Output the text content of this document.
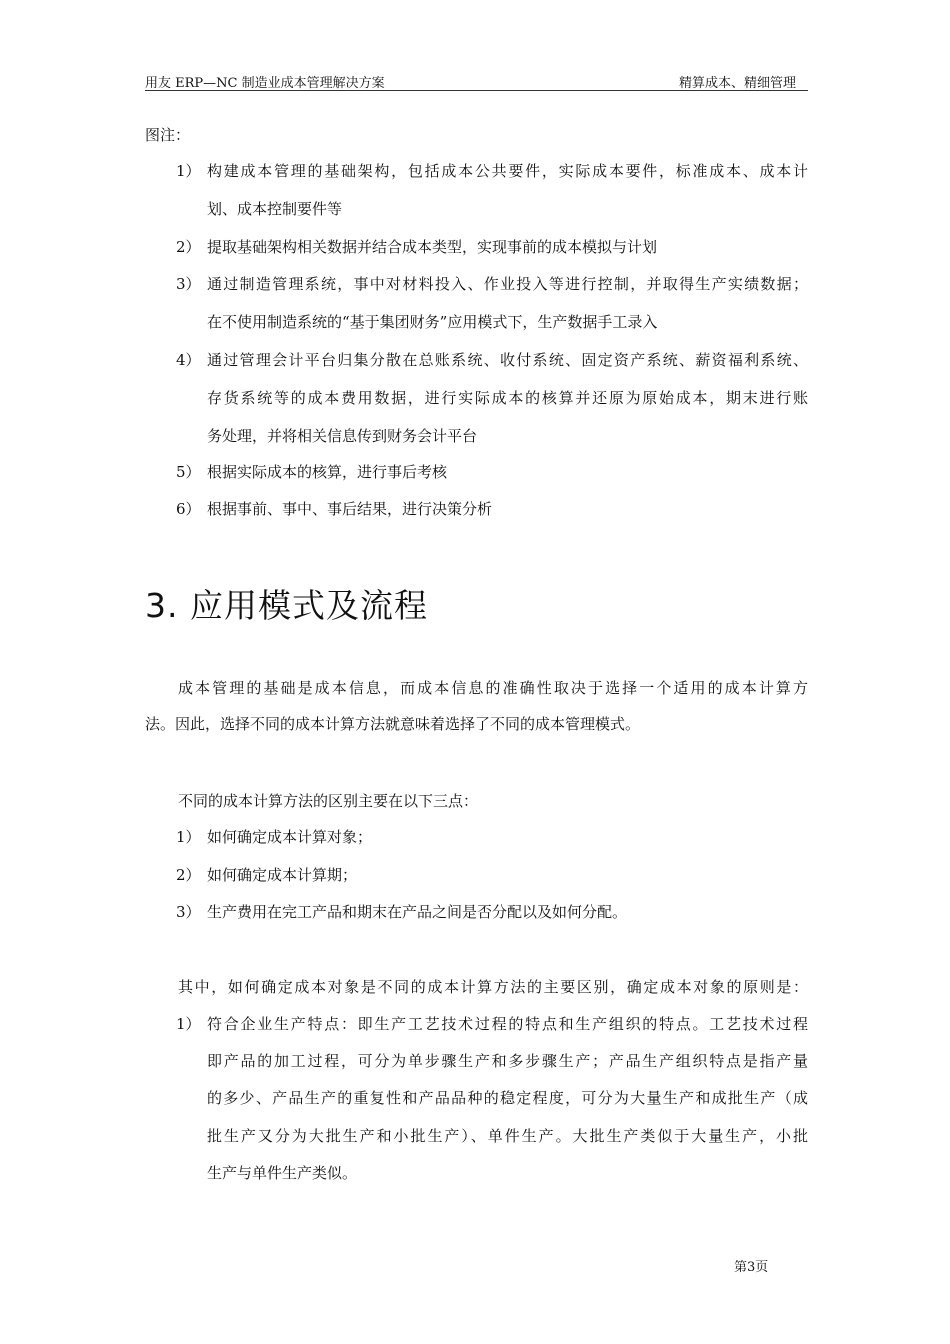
用友 ERP—NC 制造业成本管理解决方案	精算成本、精细管理
图注：
1） 构建成本管理的基础架构，包括成本公共要件，实际成本要件，标准成本、成本计
划、成本控制要件等
2） 提取基础架构相关数据并结合成本类型，实现事前的成本模拟与计划
3） 通过制造管理系统，事中对材料投入、作业投入等进行控制，并取得生产实绩数据；
在不使用制造系统的“基于集团财务”应用模式下，生产数据手工录入
4） 通过管理会计平台归集分散在总账系统、收付系统、固定资产系统、薪资福利系统、
存货系统等的成本费用数据，进行实际成本的核算并还原为原始成本，期末进行账
务处理，并将相关信息传到财务会计平台
5） 根据实际成本的核算，进行事后考核
6） 根据事前、事中、事后结果，进行决策分析
3. 应用模式及流程
成本管理的基础是成本信息，而成本信息的准确性取决于选择一个适用的成本计算方
法。因此，选择不同的成本计算方法就意味着选择了不同的成本管理模式。
不同的成本计算方法的区别主要在以下三点：
1） 如何确定成本计算对象；
2） 如何确定成本计算期；
3） 生产费用在完工产品和期末在产品之间是否分配以及如何分配。
其中，如何确定成本对象是不同的成本计算方法的主要区别，确定成本对象的原则是：
1） 符合企业生产特点：即生产工艺技术过程的特点和生产组织的特点。工艺技术过程
即产品的加工过程，可分为单步骤生产和多步骤生产；产品生产组织特点是指产量
的多少、产品生产的重复性和产品品种的稳定程度，可分为大量生产和成批生产（成
批生产又分为大批生产和小批生产）、单件生产。大批生产类似于大量生产，小批
生产与单件生产类似。
第3页
